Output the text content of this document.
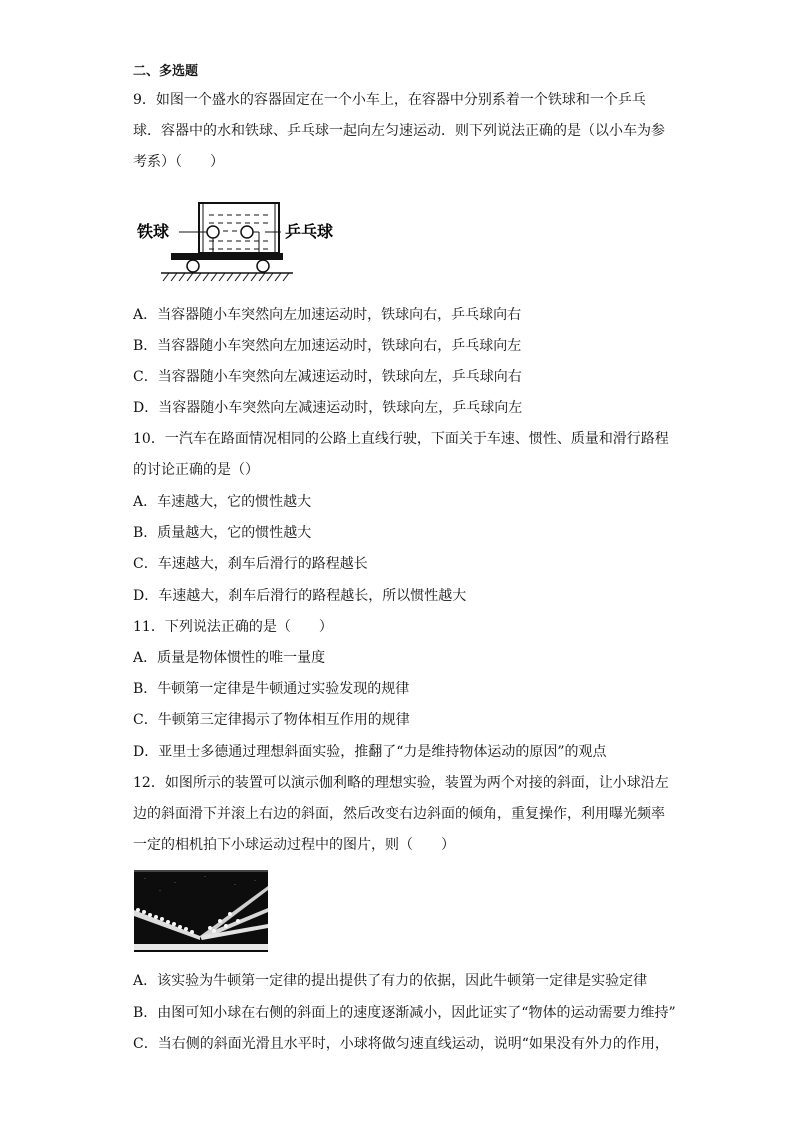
二、多选题
9．如图一个盛水的容器固定在一个小车上，在容器中分别系着一个铁球和一个乒乓
球．容器中的水和铁球、乒乓球一起向左匀速运动．则下列说法正确的是（以小车为参
考系）（　　）
铁球	乒乓球
A．当容器随小车突然向左加速运动时，铁球向右，乒乓球向右
B．当容器随小车突然向左加速运动时，铁球向右，乒乓球向左
C．当容器随小车突然向左减速运动时，铁球向左，乒乓球向右
D．当容器随小车突然向左减速运动时，铁球向左，乒乓球向左
10．一汽车在路面情况相同的公路上直线行驶，下面关于车速、惯性、质量和滑行路程
的讨论正确的是（）
A．车速越大，它的惯性越大
B．质量越大，它的惯性越大
C．车速越大，刹车后滑行的路程越长
D．车速越大，刹车后滑行的路程越长，所以惯性越大
11．下列说法正确的是（　　）
A．质量是物体惯性的唯一量度
B．牛顿第一定律是牛顿通过实验发现的规律
C．牛顿第三定律揭示了物体相互作用的规律
D．亚里士多德通过理想斜面实验，推翻了“力是维持物体运动的原因”的观点
12．如图所示的装置可以演示伽利略的理想实验，装置为两个对接的斜面，让小球沿左
边的斜面滑下并滚上右边的斜面，然后改变右边斜面的倾角，重复操作，利用曝光频率
一定的相机拍下小球运动过程中的图片，则（　　）
A．该实验为牛顿第一定律的提出提供了有力的依据，因此牛顿第一定律是实验定律
B．由图可知小球在右侧的斜面上的速度逐渐减小，因此证实了“物体的运动需要力维持”
C．当右侧的斜面光滑且水平时，小球将做匀速直线运动，说明“如果没有外力的作用，
